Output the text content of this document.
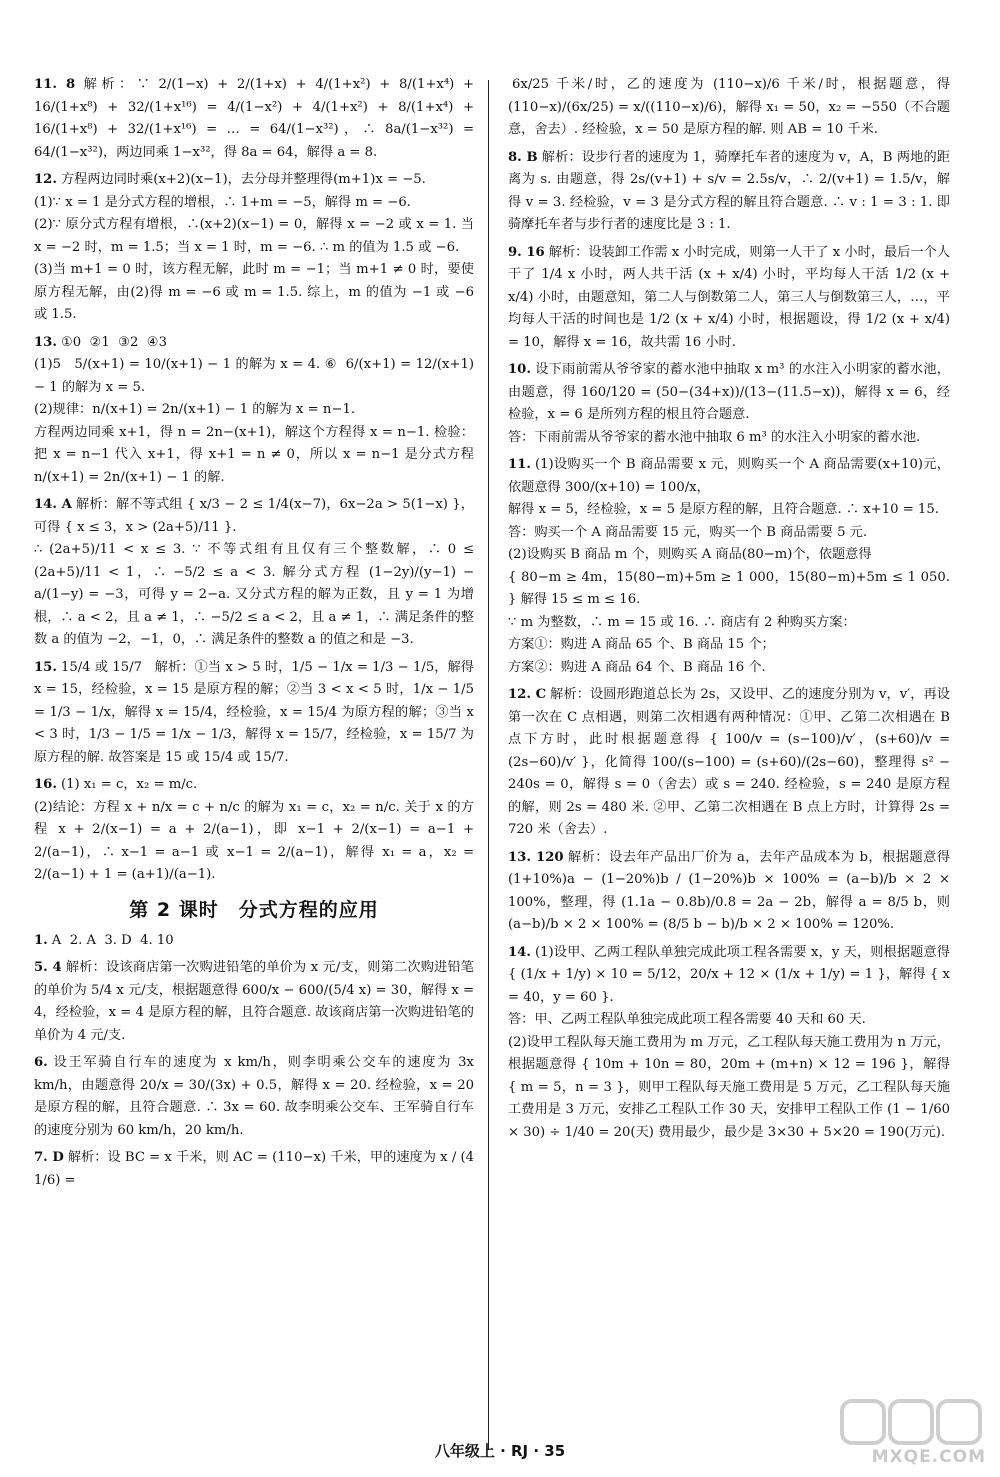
11. 8 解析：∵ 2/(1−x) + 2/(1+x) + 4/(1+x²) + 8/(1+x⁴) + 16/(1+x⁸) + 32/(1+x¹⁶) = 4/(1−x²) + 4/(1+x²) + 8/(1+x⁴) + 16/(1+x⁸) + 32/(1+x¹⁶) = … = 64/(1−x³²)，∴ 8a/(1−x³²) = 64/(1−x³²)，两边同乘 1−x³²，得 8a = 64，解得 a = 8.
12. 方程两边同时乘(x+2)(x−1)，去分母并整理得(m+1)x = −5.
(1)∵ x = 1 是分式方程的增根，∴ 1+m = −5，解得 m = −6.
(2)∵ 原分式方程有增根，∴(x+2)(x−1) = 0，解得 x = −2 或 x = 1. 当 x = −2 时，m = 1.5；当 x = 1 时，m = −6. ∴ m 的值为 1.5 或 −6.
(3)当 m+1 = 0 时，该方程无解，此时 m = −1；当 m+1 ≠ 0 时，要使原方程无解，由(2)得 m = −6 或 m = 1.5. 综上，m 的值为 −1 或 −6 或 1.5.
13. ①0  ②1  ③2  ④3
(1)5   5/(x+1) = 10/(x+1) − 1 的解为 x = 4. ⑥  6/(x+1) = 12/(x+1) − 1 的解为 x = 5.
(2)规律：n/(x+1) = 2n/(x+1) − 1 的解为 x = n−1.
方程两边同乘 x+1，得 n = 2n−(x+1)，解这个方程得 x = n−1. 检验：把 x = n−1 代入 x+1，得 x+1 = n ≠ 0，所以 x = n−1 是分式方程 n/(x+1) = 2n/(x+1) − 1 的解.
14. A 解析：解不等式组 { x/3 − 2 ≤ 1/4(x−7)，6x−2a > 5(1−x) }，可得 { x ≤ 3，x > (2a+5)/11 }.
∴ (2a+5)/11 < x ≤ 3. ∵ 不等式组有且仅有三个整数解，∴ 0 ≤ (2a+5)/11 < 1，∴ −5/2 ≤ a < 3. 解分式方程 (1−2y)/(y−1) − a/(1−y) = −3，可得 y = 2−a. 又分式方程的解为正数，且 y = 1 为增根，∴ a < 2，且 a ≠ 1，∴ −5/2 ≤ a < 2，且 a ≠ 1，∴ 满足条件的整数 a 的值为 −2，−1，0，∴ 满足条件的整数 a 的值之和是 −3.
15. 15/4 或 15/7   解析：①当 x > 5 时，1/5 − 1/x = 1/3 − 1/5，解得 x = 15，经检验，x = 15 是原方程的解；②当 3 < x < 5 时，1/x − 1/5 = 1/3 − 1/x，解得 x = 15/4，经检验，x = 15/4 为原方程的解；③当 x < 3 时，1/3 − 1/5 = 1/x − 1/3，解得 x = 15/7，经检验，x = 15/7 为原方程的解. 故答案是 15 或 15/4 或 15/7.
16. (1) x₁ = c，x₂ = m/c.
(2)结论：方程 x + n/x = c + n/c 的解为 x₁ = c，x₂ = n/c. 关于 x 的方程 x + 2/(x−1) = a + 2/(a−1)，即 x−1 + 2/(x−1) = a−1 + 2/(a−1)，∴ x−1 = a−1 或 x−1 = 2/(a−1)，解得 x₁ = a，x₂ = 2/(a−1) + 1 = (a+1)/(a−1).
第 2 课时　分式方程的应用
1. A  2. A  3. D  4. 10
5. 4 解析：设该商店第一次购进铅笔的单价为 x 元/支，则第二次购进铅笔的单价为 5/4 x 元/支，根据题意得 600/x − 600/(5/4 x) = 30，解得 x = 4，经检验，x = 4 是原方程的解，且符合题意. 故该商店第一次购进铅笔的单价为 4 元/支.
6. 设王军骑自行车的速度为 x km/h，则李明乘公交车的速度为 3x km/h，由题意得 20/x = 30/(3x) + 0.5，解得 x = 20. 经检验，x = 20 是原方程的解，且符合题意. ∴ 3x = 60. 故李明乘公交车、王军骑自行车的速度分别为 60 km/h，20 km/h.
7. D 解析：设 BC = x 千米，则 AC = (110−x) 千米，甲的速度为 x / (4 1/6) =
6x/25 千米/时，乙的速度为 (110−x)/6 千米/时，根据题意，得 (110−x)/(6x/25) = x/((110−x)/6)，解得 x₁ = 50，x₂ = −550（不合题意，舍去）. 经检验，x = 50 是原方程的解. 则 AB = 10 千米.
8. B 解析：设步行者的速度为 1，骑摩托车者的速度为 v，A，B 两地的距离为 s. 由题意，得 2s/(v+1) + s/v = 2.5s/v，∴ 2/(v+1) = 1.5/v，解得 v = 3. 经检验，v = 3 是分式方程的解且符合题意. ∴ v : 1 = 3 : 1. 即骑摩托车者与步行者的速度比是 3 : 1.
9. 16 解析：设装卸工作需 x 小时完成，则第一人干了 x 小时，最后一个人干了 1/4 x 小时，两人共干活 (x + x/4) 小时，平均每人干活 1/2 (x + x/4) 小时，由题意知，第二人与倒数第二人，第三人与倒数第三人，…，平均每人干活的时间也是 1/2 (x + x/4) 小时，根据题设，得 1/2 (x + x/4) = 10，解得 x = 16，故共需 16 小时.
10. 设下雨前需从爷爷家的蓄水池中抽取 x m³ 的水注入小明家的蓄水池，由题意，得 160/120 = (50−(34+x))/(13−(11.5−x))，解得 x = 6，经检验，x = 6 是所列方程的根且符合题意.
答：下雨前需从爷爷家的蓄水池中抽取 6 m³ 的水注入小明家的蓄水池.
11. (1)设购买一个 B 商品需要 x 元，则购买一个 A 商品需要(x+10)元，依题意得 300/(x+10) = 100/x，
解得 x = 5，经检验，x = 5 是原方程的解，且符合题意. ∴ x+10 = 15.
答：购买一个 A 商品需要 15 元，购买一个 B 商品需要 5 元.
(2)设购买 B 商品 m 个，则购买 A 商品(80−m)个，依题意得
{ 80−m ≥ 4m，15(80−m)+5m ≥ 1 000，15(80−m)+5m ≤ 1 050. } 解得 15 ≤ m ≤ 16.
∵ m 为整数，∴ m = 15 或 16. ∴ 商店有 2 种购买方案：
方案①：购进 A 商品 65 个、B 商品 15 个；
方案②：购进 A 商品 64 个、B 商品 16 个.
12. C 解析：设圆形跑道总长为 2s，又设甲、乙的速度分别为 v，v′，再设第一次在 C 点相遇，则第二次相遇有两种情况：①甲、乙第二次相遇在 B 点下方时，此时根据题意得 { 100/v = (s−100)/v′，(s+60)/v = (2s−60)/v′ }，化简得 100/(s−100) = (s+60)/(2s−60)，整理得 s² − 240s = 0，解得 s = 0（舍去）或 s = 240. 经检验，s = 240 是原方程的解，则 2s = 480 米. ②甲、乙第二次相遇在 B 点上方时，计算得 2s = 720 米（舍去）.
13. 120 解析：设去年产品出厂价为 a，去年产品成本为 b，根据题意得 (1+10%)a − (1−20%)b / (1−20%)b × 100% = (a−b)/b × 2 × 100%，整理，得 (1.1a − 0.8b)/0.8 = 2a − 2b，解得 a = 8/5 b，则 (a−b)/b × 2 × 100% = (8/5 b − b)/b × 2 × 100% = 120%.
14. (1)设甲、乙两工程队单独完成此项工程各需要 x，y 天，则根据题意得 { (1/x + 1/y) × 10 = 5/12，20/x + 12 × (1/x + 1/y) = 1 }，解得 { x = 40，y = 60 }.
答：甲、乙两工程队单独完成此项工程各需要 40 天和 60 天.
(2)设甲工程队每天施工费用为 m 万元，乙工程队每天施工费用为 n 万元，根据题意得 { 10m + 10n = 80，20m + (m+n) × 12 = 196 }，解得 { m = 5，n = 3 }，则甲工程队每天施工费用是 5 万元，乙工程队每天施工费用是 3 万元，安排乙工程队工作 30 天，安排甲工程队工作 (1 − 1/60 × 30) ÷ 1/40 = 20(天) 费用最少，最少是 3×30 + 5×20 = 190(万元).
八年级上 · RJ · 35	MXQE.COM
